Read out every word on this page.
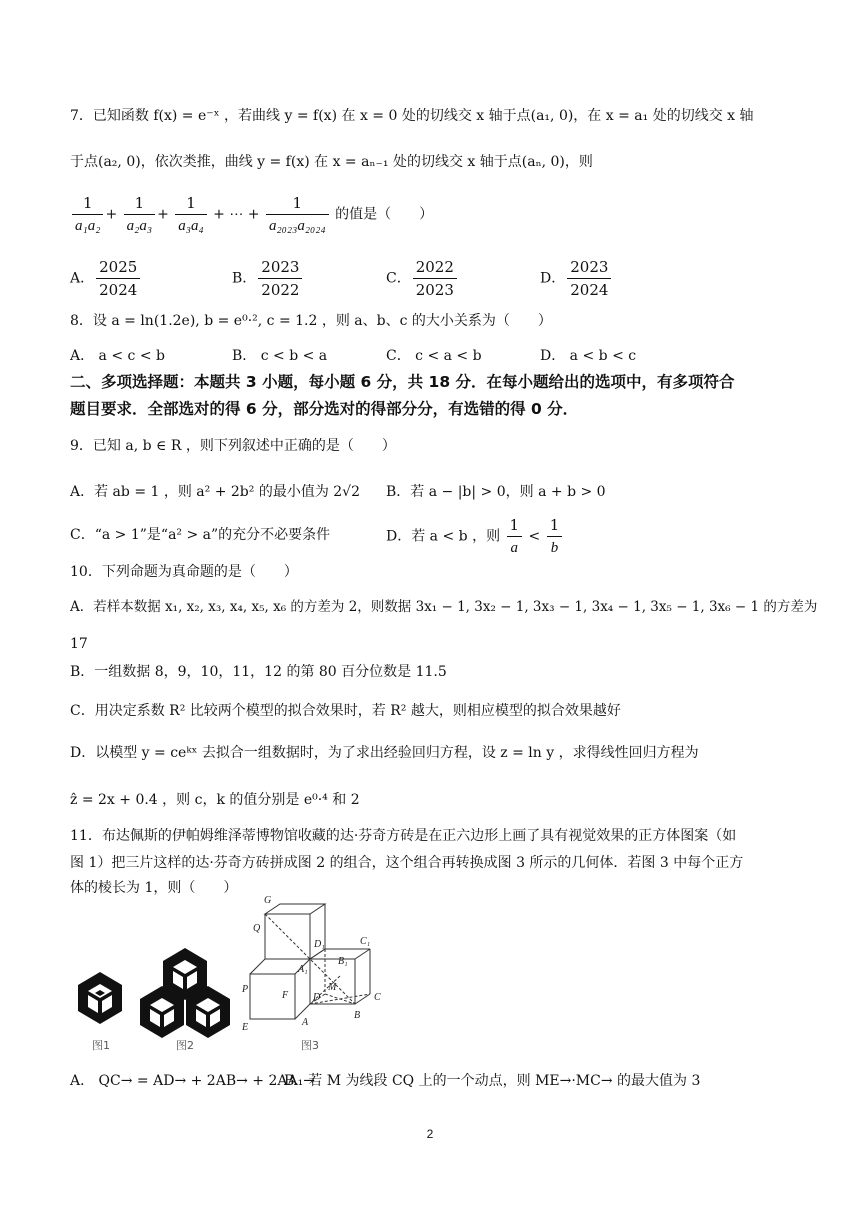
7．已知函数 f(x) = e⁻ˣ ，若曲线 y = f(x) 在 x = 0 处的切线交 x 轴于点(a₁, 0)，在 x = a₁ 处的切线交 x 轴
于点(a₂, 0)，依次类推，曲线 y = f(x) 在 x = aₙ₋₁ 处的切线交 x 轴于点(aₙ, 0)，则
$\frac{1}{\text{a₁a₂}} + \frac{1}{\text{a₂a₃}} + \frac{1}{\text{a₃a₄}}$ + ⋯ + $\frac{1}{\text{a₂₀₂₃a₂₀₂₄}}$ 的值是（　　）
A． $\frac{2025}{2024}$	B． $\frac{2023}{2022}$	C． $\frac{2022}{2023}$	D． $\frac{2023}{2024}$
8．设 a = ln(1.2e), b = e⁰·², c = 1.2 ，则 a、b、c 的大小关系为（　　）
A． a < c < b	B． c < b < a	C． c < a < b	D． a < b < c
二、多项选择题：本题共 3 小题，每小题 6 分，共 18 分．在每小题给出的选项中，有多项符合
题目要求．全部选对的得 6 分，部分选对的得部分分，有选错的得 0 分．
9．已知 a, b ∈ R ，则下列叙述中正确的是（　　）
A．若 ab = 1 ，则 a² + 2b² 的最小值为 2√2 B．若 a − |b| > 0，则 a + b > 0
C．“a > 1”是“a² > a”的充分不必要条件	D．若 a < b ，则 $\frac{1}{a} < \frac{1}{b}$
10．下列命题为真命题的是（　　）
A．若样本数据 x₁, x₂, x₃, x₄, x₅, x₆ 的方差为 2，则数据 3x₁ − 1, 3x₂ − 1, 3x₃ − 1, 3x₄ − 1, 3x₅ − 1, 3x₆ − 1 的方差为
17
B．一组数据 8，9，10，11，12 的第 80 百分位数是 11.5
C．用决定系数 R² 比较两个模型的拟合效果时，若 R² 越大，则相应模型的拟合效果越好
D．以模型 y = ceᵏˣ 去拟合一组数据时，为了求出经验回归方程，设 z = ln y ，求得线性回归方程为
ẑ = 2x + 0.4 ，则 c，k 的值分别是 e⁰·⁴ 和 2
11．布达佩斯的伊帕姆维泽蒂博物馆收藏的达·芬奇方砖是在正六边形上画了具有视觉效果的正方体图案（如
图 1）把三片这样的达·芬奇方砖拼成图 2 的组合，这个组合再转换成图 3 所示的几何体．若图 3 中每个正方
体的棱长为 1，则（　　）
G
Q
D₁	C₁
A₁
B₁
P
F
M
D	C
E	A
B
图1	图2	图3
A． QC→ = AD→ + 2AB→ + 2AA₁→
B．若 M 为线段 CQ 上的一个动点，则 ME→·MC→ 的最大值为 3
2
